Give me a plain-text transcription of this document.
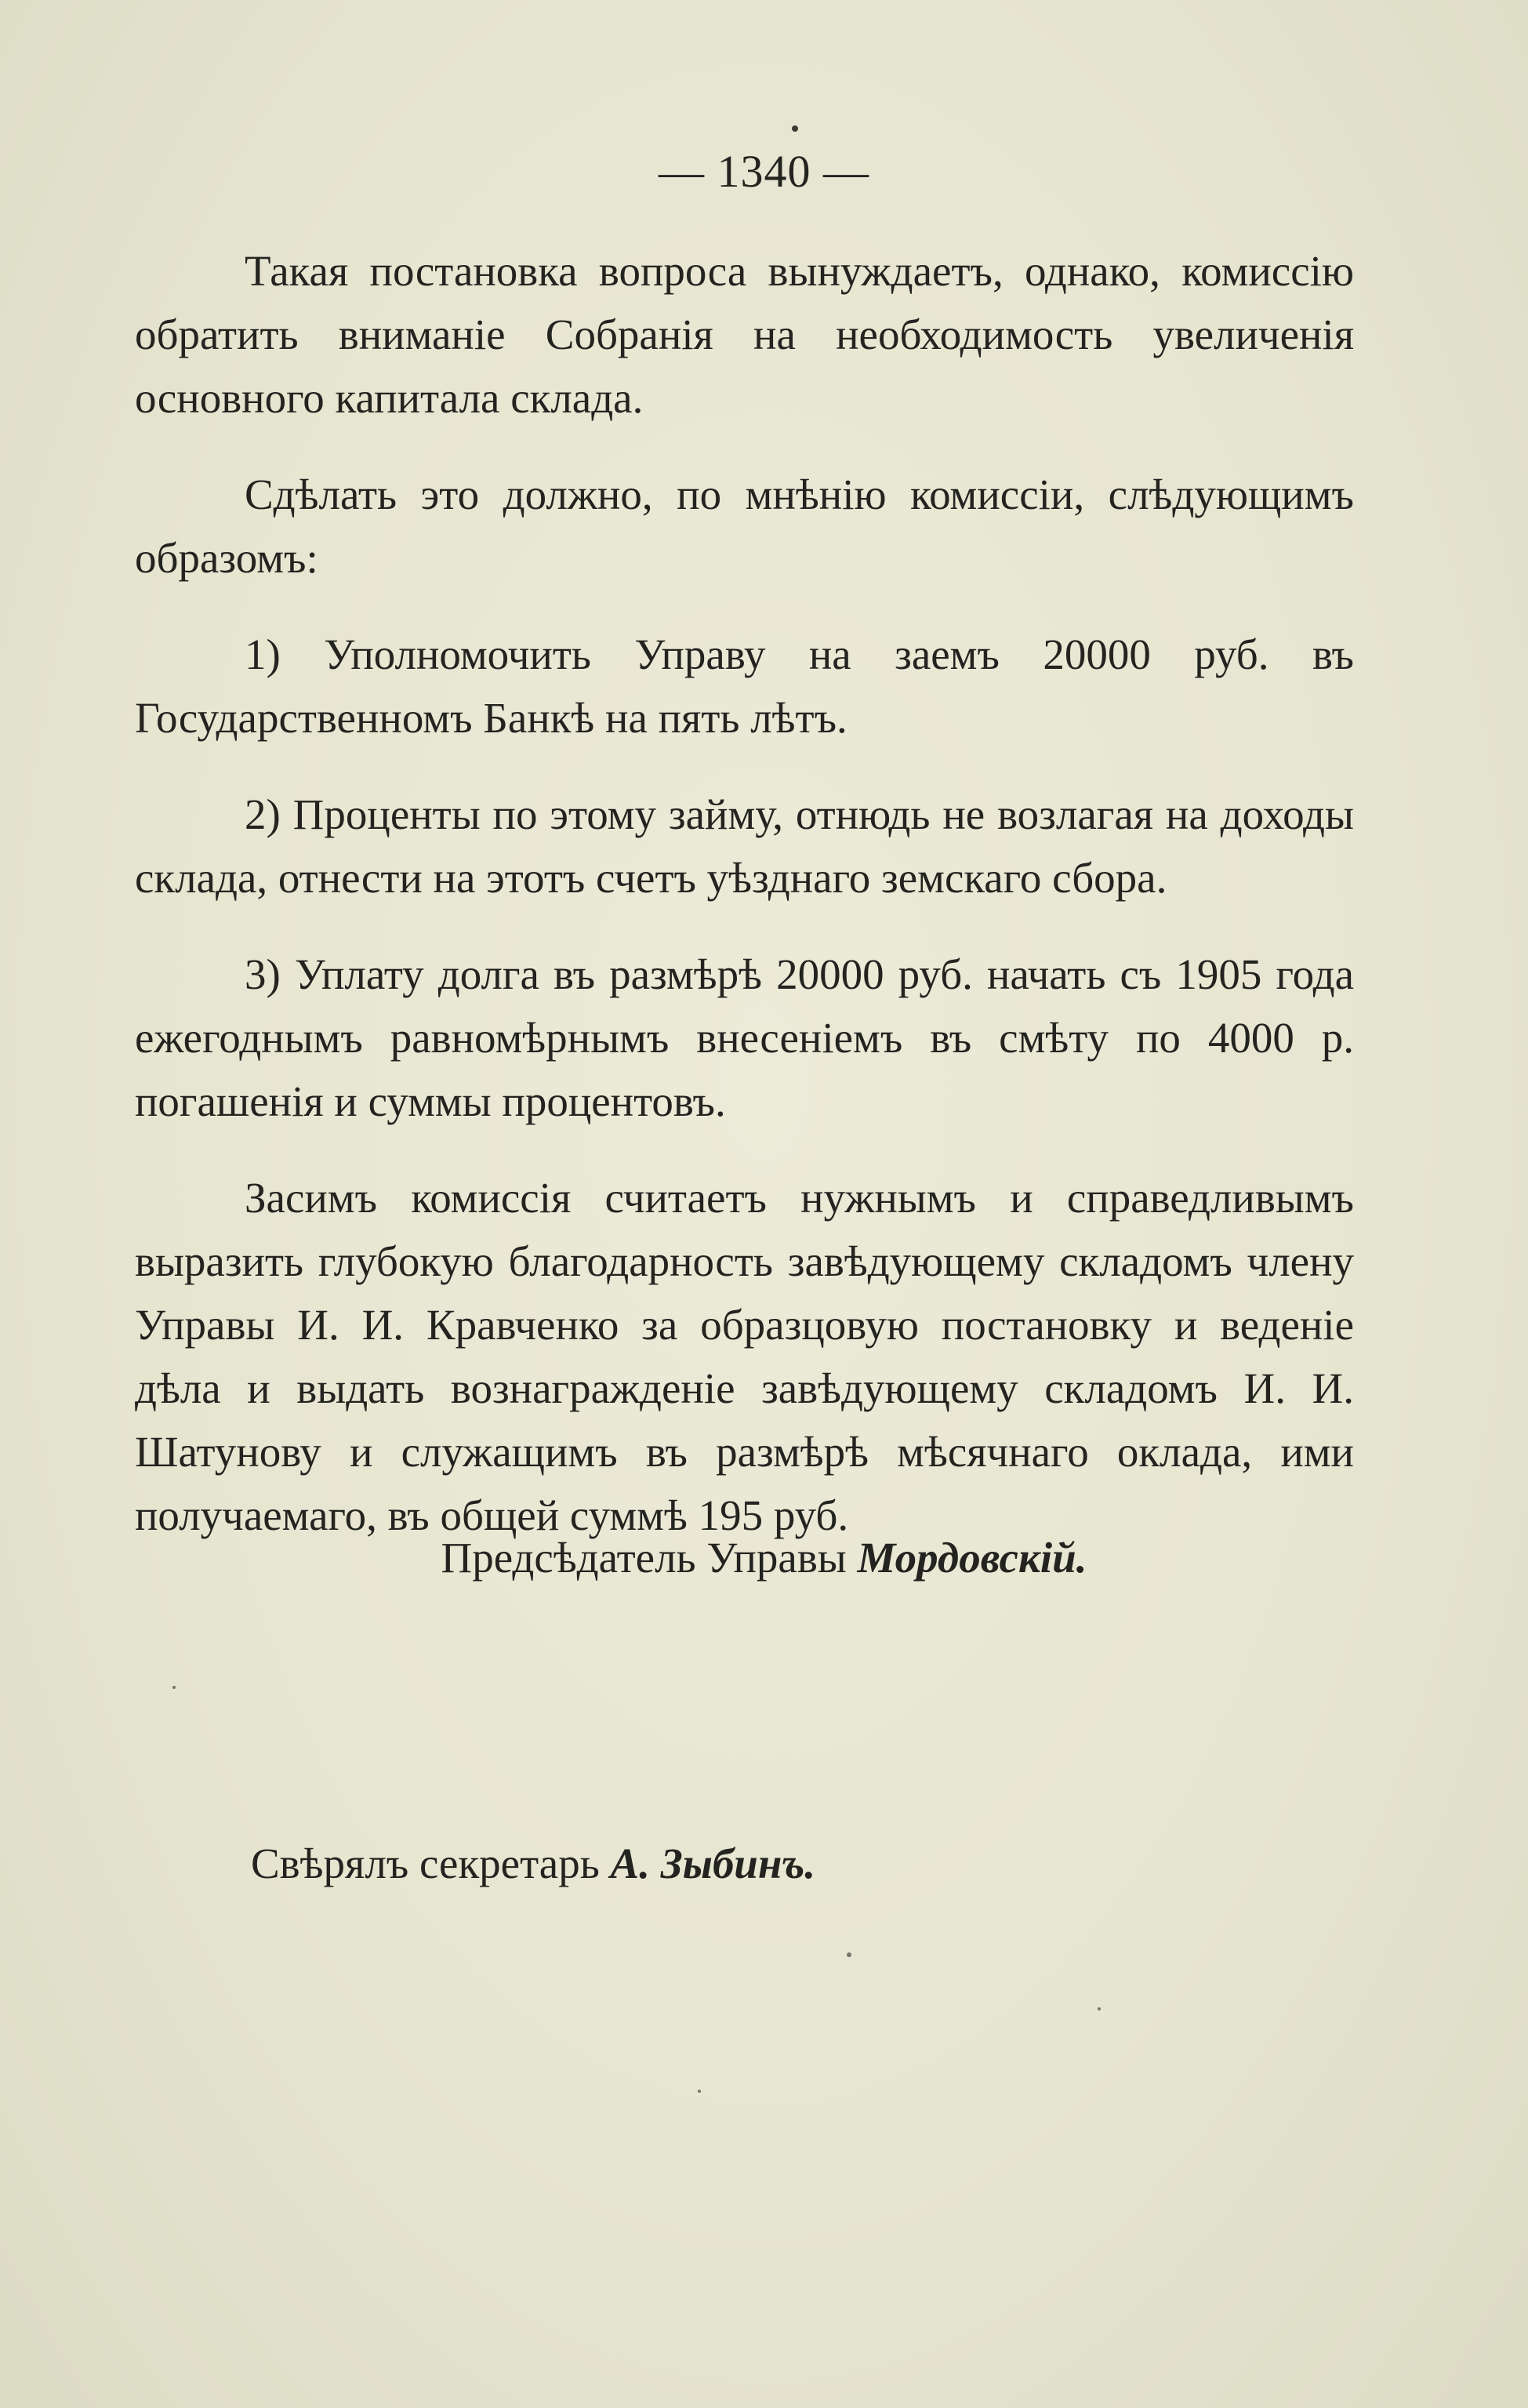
— 1340 —

Такая постановка вопроса вынуждаетъ, однако, комиссію обратить вниманіе Собранія на необходимость увеличенія основного капитала склада.

Сдѣлать это должно, по мнѣнію комиссіи, слѣдующимъ образомъ:

1) Уполномочить Управу на заемъ 20000 руб. въ Государственномъ Банкѣ на пять лѣтъ.

2) Проценты по этому займу, отнюдь не возлагая на доходы склада, отнести на этотъ счетъ уѣзднаго земскаго сбора.

3) Уплату долга въ размѣрѣ 20000 руб. начать съ 1905 года ежегоднымъ равномѣрнымъ внесеніемъ въ смѣту по 4000 р. погашенія и суммы процентовъ.

Засимъ комиссія считаетъ нужнымъ и справедливымъ выразить глубокую благодарность завѣдующему складомъ члену Управы И. И. Кравченко за образцовую постановку и веденіе дѣла и выдать вознагражденіе завѣдующему складомъ И. И. Шатунову и служащимъ въ размѣрѣ мѣсячнаго оклада, ими получаемаго, въ общей суммѣ 195 руб.

Предсѣдатель Управы Мордовскій.
Свѣрялъ секретарь А. Зыбинъ.
